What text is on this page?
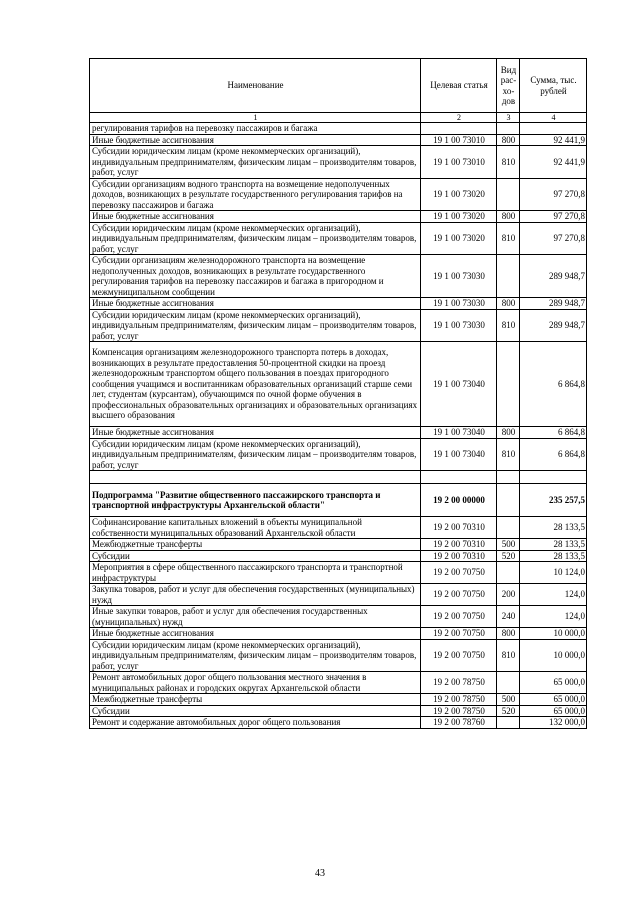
Наименование	Целевая статья	Вид рас-хо-дов	Сумма, тыс. рублей
1	2	3	4
регулирования тарифов на перевозку пассажиров и багажа			
Иные бюджетные ассигнования	19 1 00 73010	800	92 441,9
Субсидии юридическим лицам (кроме некоммерческих организаций), индивидуальным предпринимателям, физическим лицам – производителям товаров, работ, услуг	19 1 00 73010	810	92 441,9
Субсидии организациям водного транспорта на возмещение недополученных доходов, возникающих в результате государственного регулирования тарифов на перевозку пассажиров и багажа	19 1 00 73020		97 270,8
Иные бюджетные ассигнования	19 1 00 73020	800	97 270,8
Субсидии юридическим лицам (кроме некоммерческих организаций), индивидуальным предпринимателям, физическим лицам – производителям товаров, работ, услуг	19 1 00 73020	810	97 270,8
Субсидии организациям железнодорожного транспорта на возмещение недополученных доходов, возникающих в результате государственного регулирования тарифов на перевозку пассажиров и багажа в пригородном и межмуниципальном сообщении	19 1 00 73030		289 948,7
Иные бюджетные ассигнования	19 1 00 73030	800	289 948,7
Субсидии юридическим лицам (кроме некоммерческих организаций), индивидуальным предпринимателям, физическим лицам – производителям товаров, работ, услуг	19 1 00 73030	810	289 948,7
Компенсация организациям железнодорожного транспорта потерь в доходах, возникающих в результате предоставления 50-процентной скидки на проезд железнодорожным транспортом общего пользования в поездах пригородного сообщения учащимся и воспитанникам образовательных организаций старше семи лет, студентам (курсантам), обучающимся по очной форме обучения в профессиональных образовательных организациях и образовательных организациях высшего образования	19 1 00 73040		6 864,8
Иные бюджетные ассигнования	19 1 00 73040	800	6 864,8
Субсидии юридическим лицам (кроме некоммерческих организаций), индивидуальным предпринимателям, физическим лицам – производителям товаров, работ, услуг	19 1 00 73040	810	6 864,8

Подпрограмма "Развитие общественного пассажирского транспорта и транспортной инфраструктуры Архангельской области"	19 2 00 00000		235 257,5
Софинансирование капитальных вложений в объекты муниципальной собственности муниципальных образований Архангельской области	19 2 00 70310		28 133,5
Межбюджетные трансферты	19 2 00 70310	500	28 133,5
Субсидии	19 2 00 70310	520	28 133,5
Мероприятия в сфере общественного пассажирского транспорта и транспортной инфраструктуры	19 2 00 70750		10 124,0
Закупка товаров, работ и услуг для обеспечения государственных (муниципальных) нужд	19 2 00 70750	200	124,0
Иные закупки товаров, работ и услуг для обеспечения государственных (муниципальных) нужд	19 2 00 70750	240	124,0
Иные бюджетные ассигнования	19 2 00 70750	800	10 000,0
Субсидии юридическим лицам (кроме некоммерческих организаций), индивидуальным предпринимателям, физическим лицам – производителям товаров, работ, услуг	19 2 00 70750	810	10 000,0
Ремонт автомобильных дорог общего пользования местного значения в муниципальных районах и городских округах Архангельской области	19 2 00 78750		65 000,0
Межбюджетные трансферты	19 2 00 78750	500	65 000,0
Субсидии	19 2 00 78750	520	65 000,0
Ремонт и содержание автомобильных дорог общего пользования	19 2 00 78760		132 000,0
43
